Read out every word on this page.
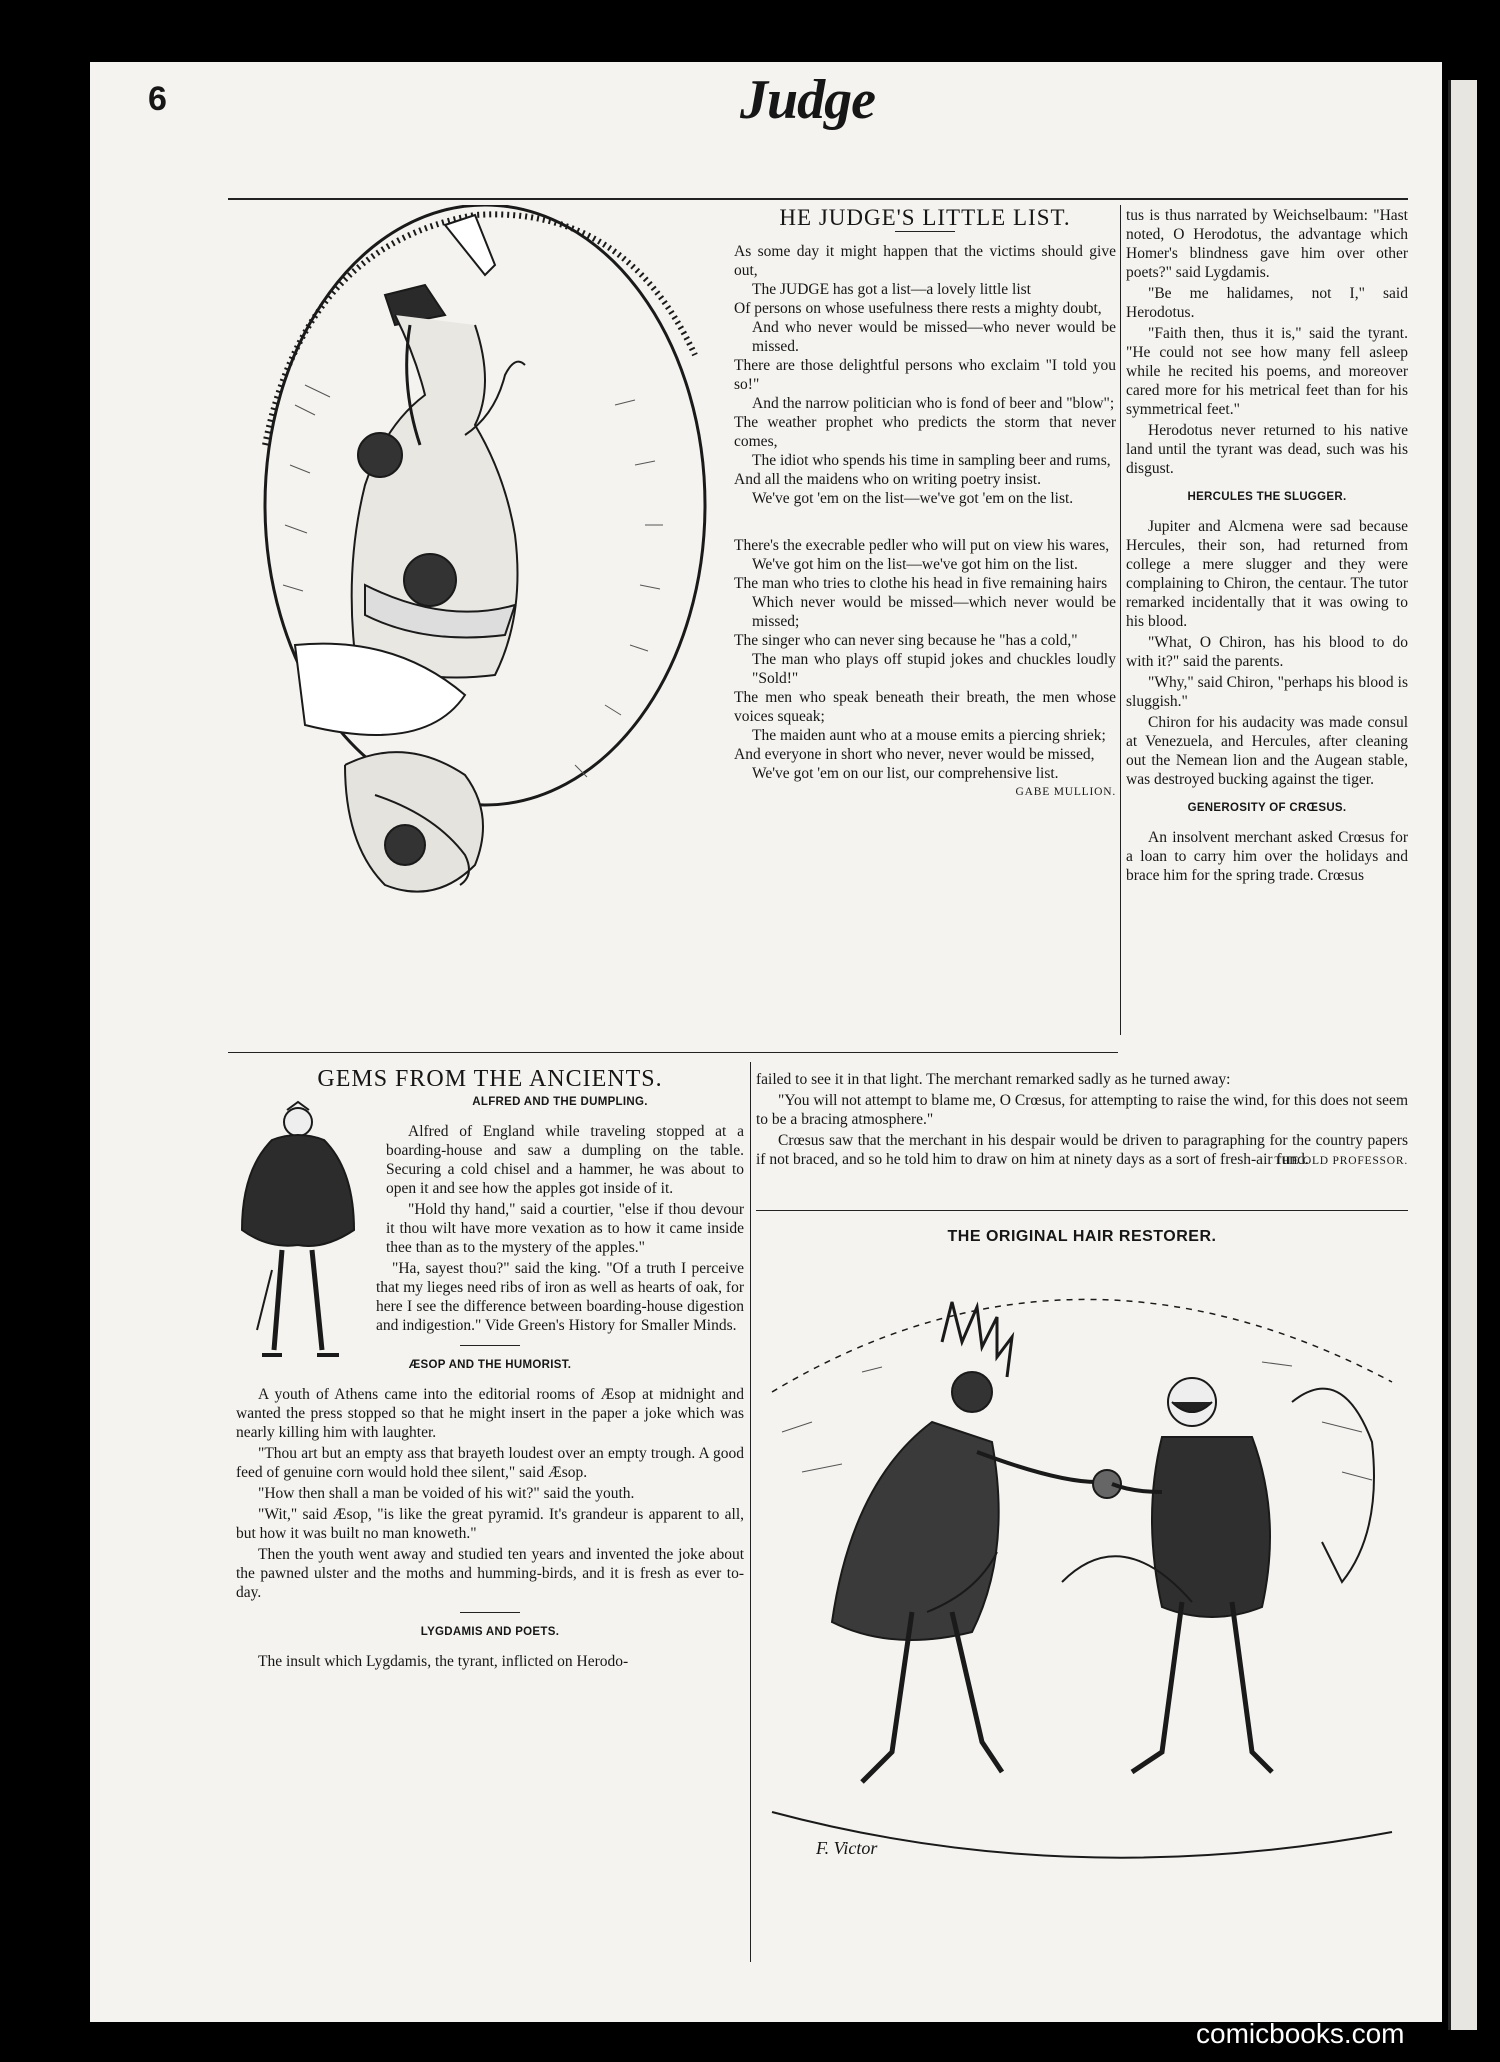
6	Judge
HE JUDGE'S LITTLE LIST.

As some day it might happen that the victims should give out,

The JUDGE has got a list—a lovely little list

Of persons on whose usefulness there rests a mighty doubt,

And who never would be missed—who never would be missed.

There are those delightful persons who exclaim "I told you so!"

And the narrow politician who is fond of beer and "blow";

The weather prophet who predicts the storm that never comes,

The idiot who spends his time in sampling beer and rums,

And all the maidens who on writing poetry insist.

We've got 'em on the list—we've got 'em on the list.

There's the execrable pedler who will put on view his wares,

We've got him on the list—we've got him on the list.

The man who tries to clothe his head in five remaining hairs

Which never would be missed—which never would be missed;

The singer who can never sing because he "has a cold,"

The man who plays off stupid jokes and chuckles loudly "Sold!"

The men who speak beneath their breath, the men whose voices squeak;

The maiden aunt who at a mouse emits a piercing shriek;

And everyone in short who never, never would be missed,

We've got 'em on our list, our comprehensive list.

GABE MULLION.

tus is thus narrated by Weichselbaum: "Hast noted, O Herodotus, the advantage which Homer's blindness gave him over other poets?" said Lygdamis.

"Be me halidames, not I," said Herodotus.

"Faith then, thus it is," said the tyrant. "He could not see how many fell asleep while he recited his poems, and moreover cared more for his metrical feet than for his symmetrical feet."

Herodotus never returned to his native land until the tyrant was dead, such was his disgust.

HERCULES THE SLUGGER.

Jupiter and Alcmena were sad because Hercules, their son, had returned from college a mere slugger and they were complaining to Chiron, the centaur. The tutor remarked incidentally that it was owing to his blood.

"What, O Chiron, has his blood to do with it?" said the parents.

"Why," said Chiron, "perhaps his blood is sluggish."

Chiron for his audacity was made consul at Venezuela, and Hercules, after cleaning out the Nemean lion and the Augean stable, was destroyed bucking against the tiger.

GENEROSITY OF CRŒSUS.

An insolvent merchant asked Crœsus for a loan to carry him over the holidays and brace him for the spring trade. Crœsus

failed to see it in that light. The merchant remarked sadly as he turned away:

"You will not attempt to blame me, O Crœsus, for attempting to raise the wind, for this does not seem to be a bracing atmosphere."

Crœsus saw that the merchant in his despair would be driven to paragraphing for the country papers if not braced, and so he told him to draw on him at ninety days as a sort of fresh-air fund.

THE OLD PROFESSOR.
GEMS FROM THE ANCIENTS.
ALFRED AND THE DUMPLING.

Alfred of England while traveling stopped at a boarding-house and saw a dumpling on the table. Securing a cold chisel and a hammer, he was about to open it and see how the apples got inside of it.

"Hold thy hand," said a courtier, "else if thou devour it thou wilt have more vexation as to how it came inside thee than as to the mystery of the apples."

"Ha, sayest thou?" said the king. "Of a truth I perceive that my lieges need ribs of iron as well as hearts of oak, for here I see the difference between boarding-house digestion and indigestion." Vide Green's History for Smaller Minds.

ÆSOP AND THE HUMORIST.

A youth of Athens came into the editorial rooms of Æsop at midnight and wanted the press stopped so that he might insert in the paper a joke which was nearly killing him with laughter.

"Thou art but an empty ass that brayeth loudest over an empty trough. A good feed of genuine corn would hold thee silent," said Æsop.

"How then shall a man be voided of his wit?" said the youth.

"Wit," said Æsop, "is like the great pyramid. It's grandeur is apparent to all, but how it was built no man knoweth."

Then the youth went away and studied ten years and invented the joke about the pawned ulster and the moths and humming-birds, and it is fresh as ever to-day.

LYGDAMIS AND POETS.

The insult which Lygdamis, the tyrant, inflicted on Herodo-

THE ORIGINAL HAIR RESTORER.
F. Victor
comicbooks.com
